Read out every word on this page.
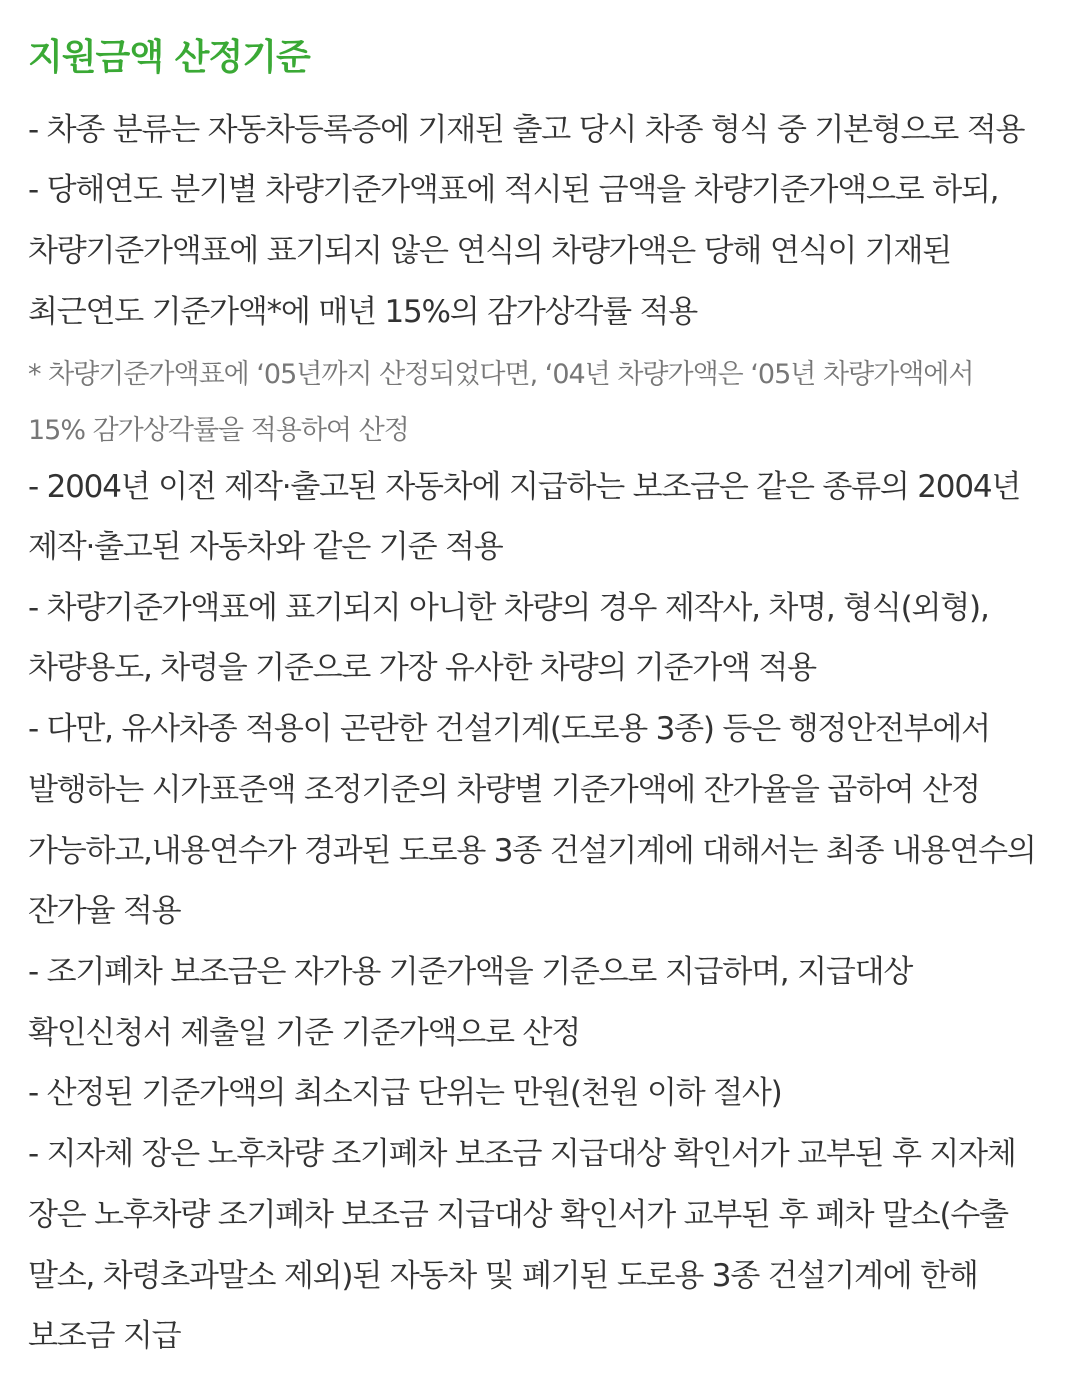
지원금액 산정기준

- 차종 분류는 자동차등록증에 기재된 출고 당시 차종 형식 중 기본형으로 적용

- 당해연도 분기별 차량기준가액표에 적시된 금액을 차량기준가액으로 하되,

차량기준가액표에 표기되지 않은 연식의 차량가액은 당해 연식이 기재된

최근연도 기준가액*에 매년 15%의 감가상각률 적용

* 차량기준가액표에 ‘05년까지 산정되었다면, ‘04년 차량가액은 ‘05년 차량가액에서

15% 감가상각률을 적용하여 산정

- 2004년 이전 제작·출고된 자동차에 지급하는 보조금은 같은 종류의 2004년

제작·출고된 자동차와 같은 기준 적용

- 차량기준가액표에 표기되지 아니한 차량의 경우 제작사, 차명, 형식(외형),

차량용도, 차령을 기준으로 가장 유사한 차량의 기준가액 적용

- 다만, 유사차종 적용이 곤란한 건설기계(도로용 3종) 등은 행정안전부에서

발행하는 시가표준액 조정기준의 차량별 기준가액에 잔가율을 곱하여 산정

가능하고,내용연수가 경과된 도로용 3종 건설기계에 대해서는 최종 내용연수의

잔가율 적용

- 조기폐차 보조금은 자가용 기준가액을 기준으로 지급하며, 지급대상

확인신청서 제출일 기준 기준가액으로 산정

- 산정된 기준가액의 최소지급 단위는 만원(천원 이하 절사)

- 지자체 장은 노후차량 조기폐차 보조금 지급대상 확인서가 교부된 후 지자체

장은 노후차량 조기폐차 보조금 지급대상 확인서가 교부된 후 폐차 말소(수출

말소, 차령초과말소 제외)된 자동차 및 폐기된 도로용 3종 건설기계에 한해

보조금 지급
